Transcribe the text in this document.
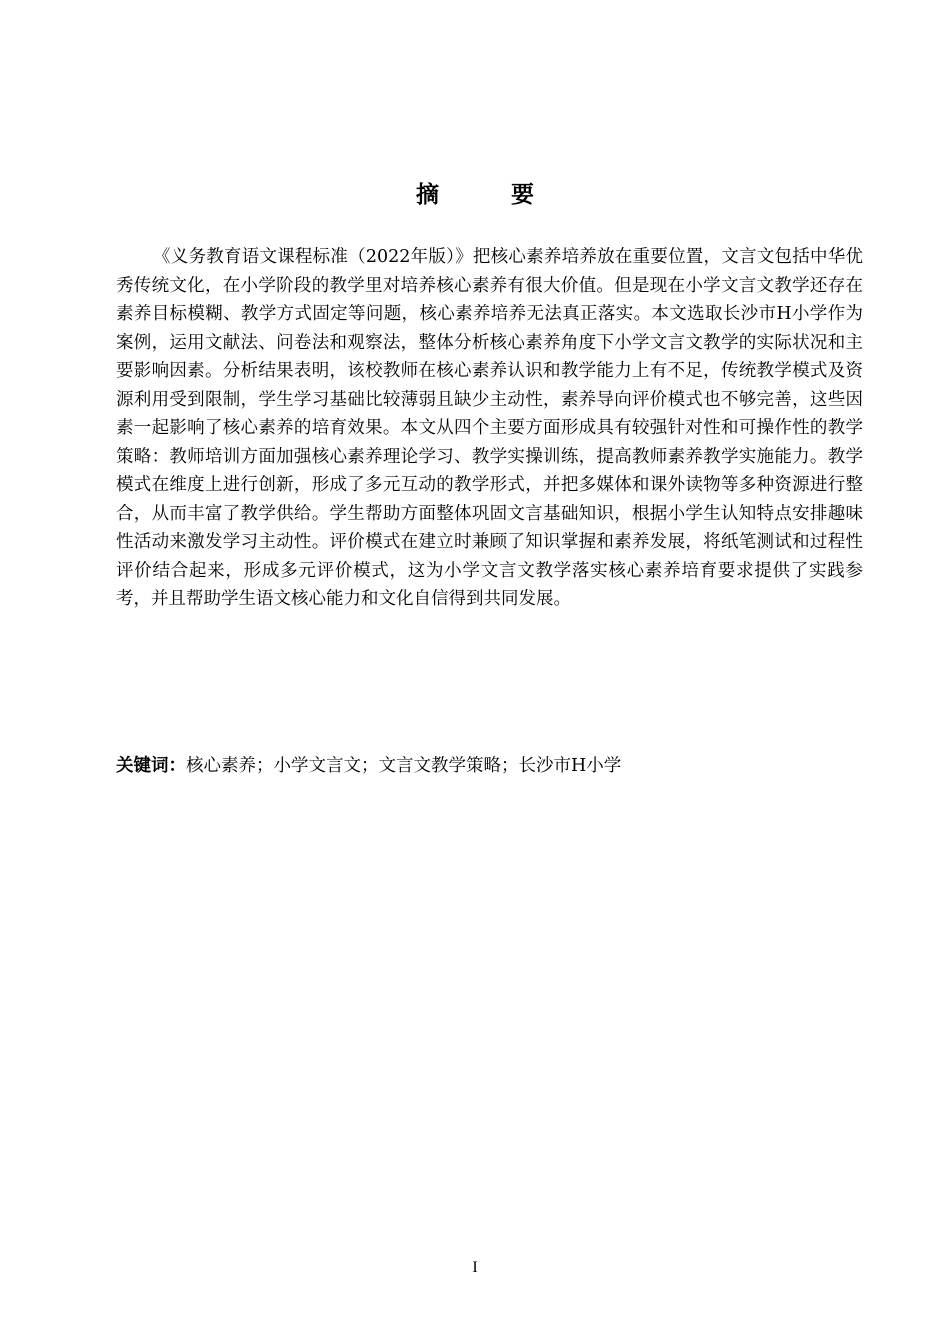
摘 要

《义务教育语文课程标准（2022年版）》把核心素养培养放在重要位置，文言文包括中华优秀传统文化，在小学阶段的教学里对培养核心素养有很大价值。但是现在小学文言文教学还存在素养目标模糊、教学方式固定等问题，核心素养培养无法真正落实。本文选取长沙市H小学作为案例，运用文献法、问卷法和观察法，整体分析核心素养角度下小学文言文教学的实际状况和主要影响因素。分析结果表明，该校教师在核心素养认识和教学能力上有不足，传统教学模式及资源利用受到限制，学生学习基础比较薄弱且缺少主动性，素养导向评价模式也不够完善，这些因素一起影响了核心素养的培育效果。本文从四个主要方面形成具有较强针对性和可操作性的教学策略：教师培训方面加强核心素养理论学习、教学实操训练，提高教师素养教学实施能力。教学模式在维度上进行创新，形成了多元互动的教学形式，并把多媒体和课外读物等多种资源进行整合，从而丰富了教学供给。学生帮助方面整体巩固文言基础知识，根据小学生认知特点安排趣味性活动来激发学习主动性。评价模式在建立时兼顾了知识掌握和素养发展，将纸笔测试和过程性评价结合起来，形成多元评价模式，这为小学文言文教学落实核心素养培育要求提供了实践参考，并且帮助学生语文核心能力和文化自信得到共同发展。

关键词：核心素养；小学文言文；文言文教学策略；长沙市H小学
I
